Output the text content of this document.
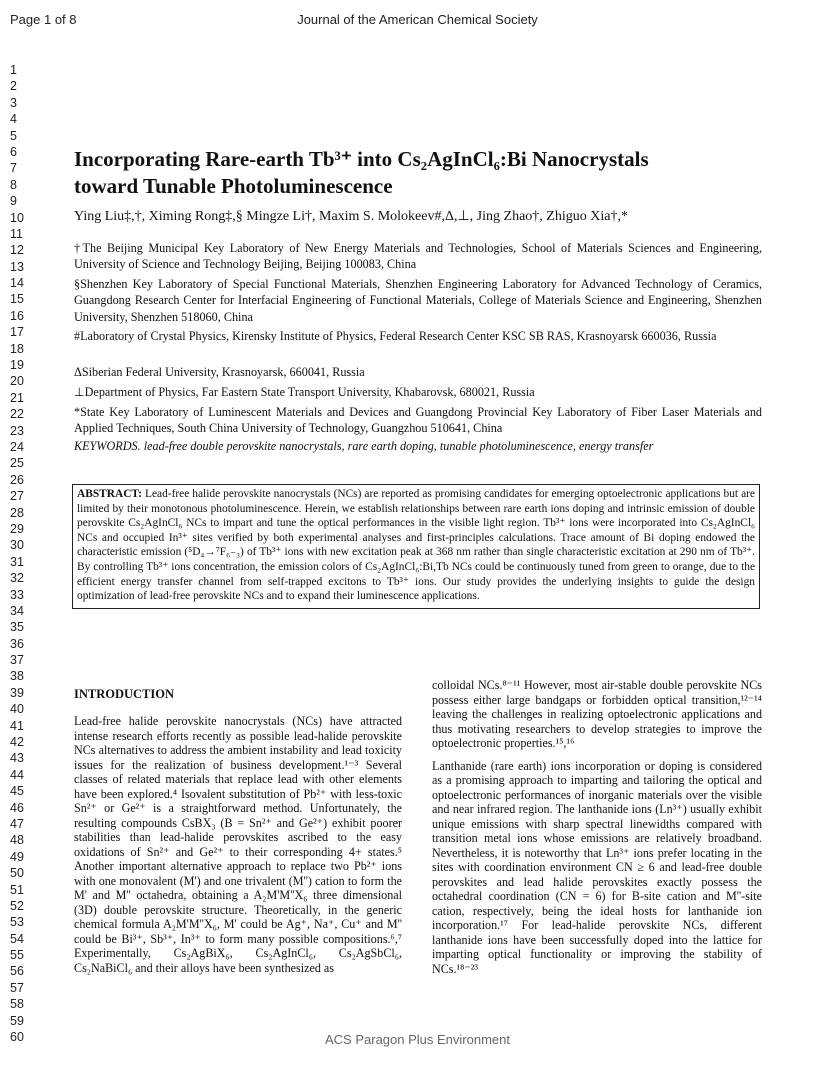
Page 1 of 8	Journal of the American Chemical Society
1
2
3
4
5
6
7
8
9
10
11
12
13
14
15
16
17
18
19
20
21
22
23
24
25
26
27
28
29
30
31
32
33
34
35
36
37
38
39
40
41
42
43
44
45
46
47
48
49
50
51
52
53
54
55
56
57
58
59
60
Incorporating Rare-earth Tb³⁺ into Cs₂AgInCl₆:Bi Nanocrystals
toward Tunable Photoluminescence
Ying Liu‡,†, Ximing Rong‡,§ Mingze Li†, Maxim S. Molokeev#,Δ,⊥, Jing Zhao†, Zhiguo Xia†,*
†The Beijing Municipal Key Laboratory of New Energy Materials and Technologies, School of Materials Sciences and Engineering, University of Science and Technology Beijing, Beijing 100083, China
§Shenzhen Key Laboratory of Special Functional Materials, Shenzhen Engineering Laboratory for Advanced Technology of Ceramics, Guangdong Research Center for Interfacial Engineering of Functional Materials, College of Materials Science and Engineering, Shenzhen University, Shenzhen 518060, China
#Laboratory of Crystal Physics, Kirensky Institute of Physics, Federal Research Center KSC SB RAS, Krasnoyarsk 660036, Russia
ΔSiberian Federal University, Krasnoyarsk, 660041, Russia
⊥Department of Physics, Far Eastern State Transport University, Khabarovsk, 680021, Russia
*State Key Laboratory of Luminescent Materials and Devices and Guangdong Provincial Key Laboratory of Fiber Laser Materials and Applied Techniques, South China University of Technology, Guangzhou 510641, China
KEYWORDS. lead-free double perovskite nanocrystals, rare earth doping, tunable photoluminescence, energy transfer
ABSTRACT: Lead-free halide perovskite nanocrystals (NCs) are reported as promising candidates for emerging optoelectronic applications but are limited by their monotonous photoluminescence. Herein, we establish relationships between rare earth ions doping and intrinsic emission of double perovskite Cs₂AgInCl₆ NCs to impart and tune the optical performances in the visible light region. Tb³⁺ ions were incorporated into Cs₂AgInCl₆ NCs and occupied In³⁺ sites verified by both experimental analyses and first-principles calculations. Trace amount of Bi doping endowed the characteristic emission (⁵D₄→⁷F₆₋₃) of Tb³⁺ ions with new excitation peak at 368 nm rather than single characteristic excitation at 290 nm of Tb³⁺. By controlling Tb³⁺ ions concentration, the emission colors of Cs₂AgInCl₆:Bi,Tb NCs could be continuously tuned from green to orange, due to the efficient energy transfer channel from self-trapped excitons to Tb³⁺ ions. Our study provides the underlying insights to guide the design optimization of lead-free perovskite NCs and to expand their luminescence applications.
INTRODUCTION

Lead-free halide perovskite nanocrystals (NCs) have attracted intense research efforts recently as possible lead-halide perovskite NCs alternatives to address the ambient instability and lead toxicity issues for the realization of business development.¹⁻³ Several classes of related materials that replace lead with other elements have been explored.⁴ Isovalent substitution of Pb²⁺ with less-toxic Sn²⁺ or Ge²⁺ is a straightforward method. Unfortunately, the resulting compounds CsBX₃ (B = Sn²⁺ and Ge²⁺) exhibit poorer stabilities than lead-halide perovskites ascribed to the easy oxidations of Sn²⁺ and Ge²⁺ to their corresponding 4+ states.⁵ Another important alternative approach to replace two Pb²⁺ ions with one monovalent (M') and one trivalent (M'') cation to form the M' and M'' octahedra, obtaining a A₂M'M''X₆ three dimensional (3D) double perovskite structure. Theoretically, in the generic chemical formula A₂M'M''X₆, M' could be Ag⁺, Na⁺, Cu⁺ and M'' could be Bi³⁺, Sb³⁺, In³⁺ to form many possible compositions.⁶,⁷ Experimentally, Cs₂AgBiX₆, Cs₂AgInCl₆, Cs₂AgSbCl₆, Cs₂NaBiCl₆ and their alloys have been synthesized as

colloidal NCs.⁸⁻¹¹ However, most air-stable double perovskite NCs possess either large bandgaps or forbidden optical transition,¹²⁻¹⁴ leaving the challenges in realizing optoelectronic applications and thus motivating researchers to develop strategies to improve the optoelectronic properties.¹⁵,¹⁶

Lanthanide (rare earth) ions incorporation or doping is considered as a promising approach to imparting and tailoring the optical and optoelectronic performances of inorganic materials over the visible and near infrared region. The lanthanide ions (Ln³⁺) usually exhibit unique emissions with sharp spectral linewidths compared with transition metal ions whose emissions are relatively broadband. Nevertheless, it is noteworthy that Ln³⁺ ions prefer locating in the sites with coordination environment CN ≥ 6 and lead-free double perovskites and lead halide perovskites exactly possess the octahedral coordination (CN = 6) for B-site cation and M''-site cation, respectively, being the ideal hosts for lanthanide ion incorporation.¹⁷ For lead-halide perovskite NCs, different lanthanide ions have been successfully doped into the lattice for imparting optical functionality or improving the stability of NCs.¹⁸⁻²³

ACS Paragon Plus Environment
